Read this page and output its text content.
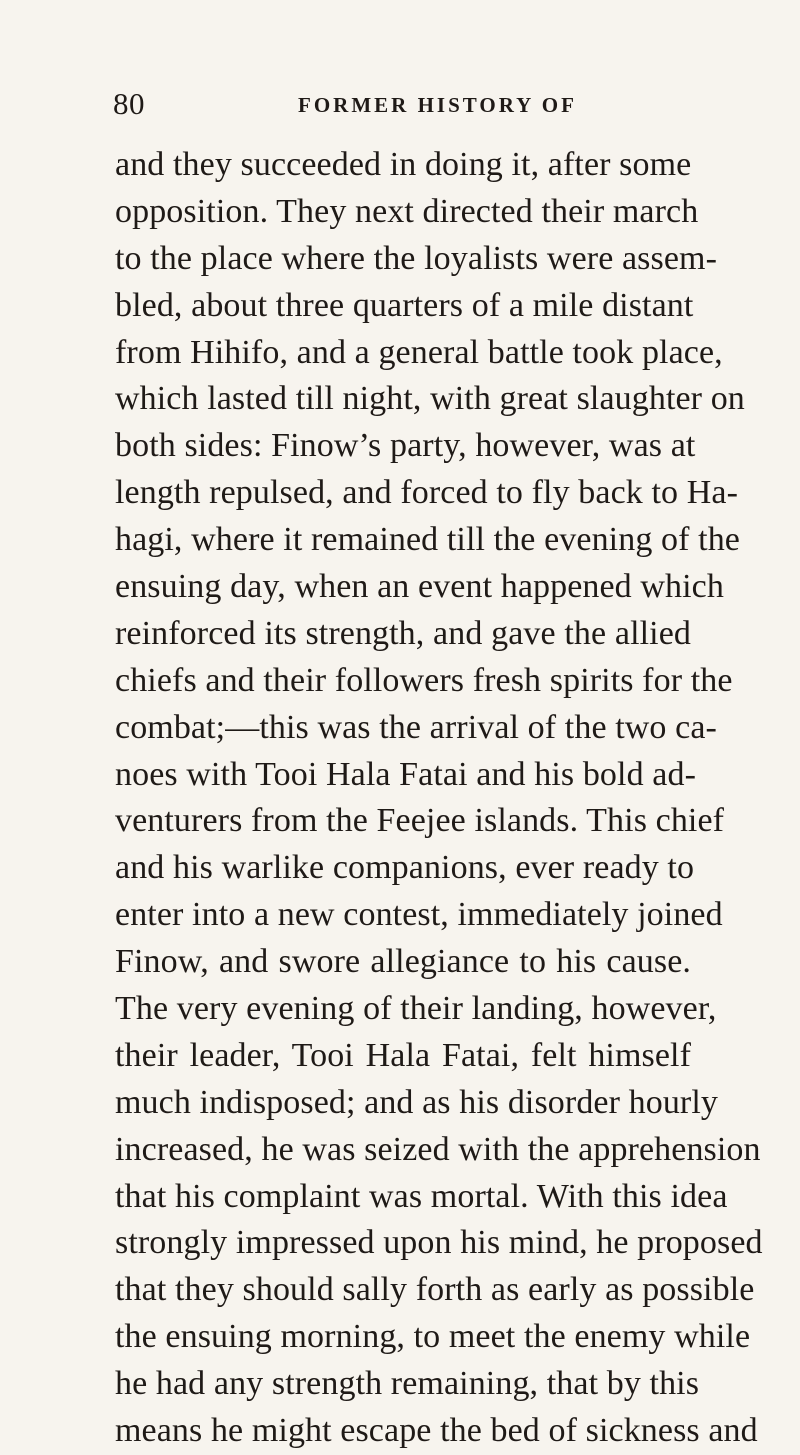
80	FORMER HISTORY OF
and they succeeded in doing it, after some
opposition. They next directed their march
to the place where the loyalists were assem-
bled, about three quarters of a mile distant
from Hihifo, and a general battle took place,
which lasted till night, with great slaughter on
both sides: Finow’s party, however, was at
length repulsed, and forced to fly back to Ha-
hagi, where it remained till the evening of the
ensuing day, when an event happened which
reinforced its strength, and gave the allied
chiefs and their followers fresh spirits for the
combat;—this was the arrival of the two ca-
noes with Tooi Hala Fatai and his bold ad-
venturers from the Feejee islands. This chief
and his warlike companions, ever ready to
enter into a new contest, immediately joined
Finow, and swore allegiance to his cause.
The very evening of their landing, however,
their leader, Tooi Hala Fatai, felt himself
much indisposed; and as his disorder hourly
increased, he was seized with the apprehension
that his complaint was mortal. With this idea
strongly impressed upon his mind, he proposed
that they should sally forth as early as possible
the ensuing morning, to meet the enemy while
he had any strength remaining, that by this
means he might escape the bed of sickness and
